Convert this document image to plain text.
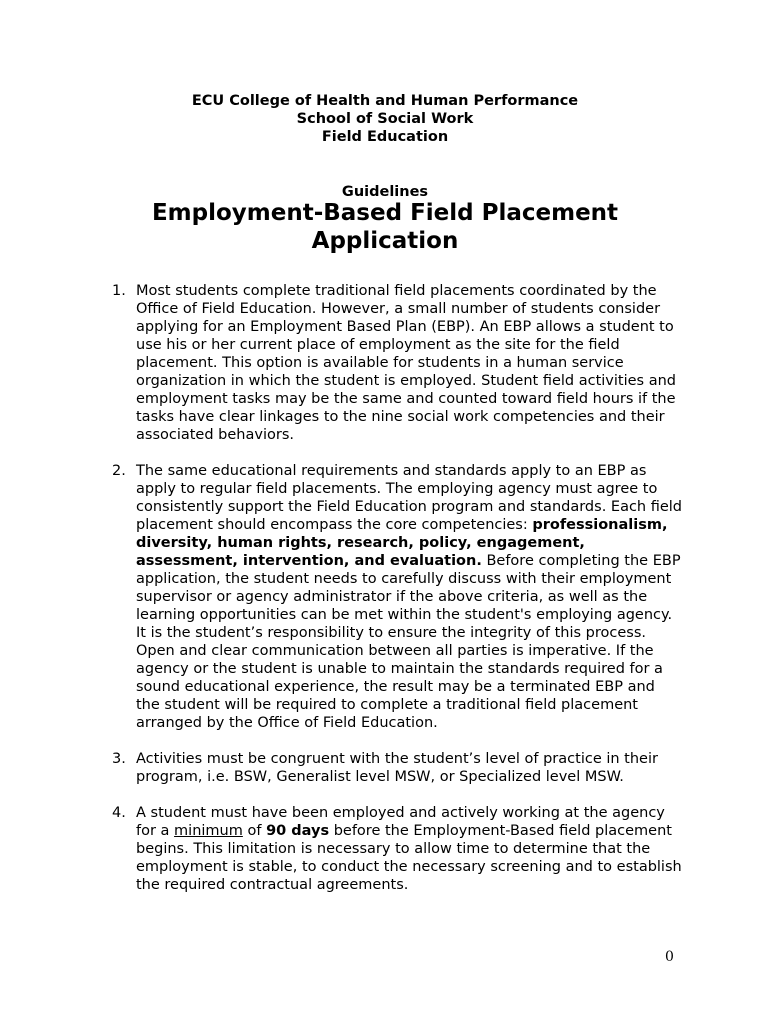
ECU College of Health and Human Performance
School of Social Work
Field Education
Guidelines
Employment-Based Field Placement
Application
1. Most students complete traditional field placements coordinated by the Office of Field Education. However, a small number of students consider applying for an Employment Based Plan (EBP). An EBP allows a student to use his or her current place of employment as the site for the field placement. This option is available for students in a human service organization in which the student is employed. Student field activities and employment tasks may be the same and counted toward field hours if the tasks have clear linkages to the nine social work competencies and their associated behaviors.
2. The same educational requirements and standards apply to an EBP as apply to regular field placements. The employing agency must agree to consistently support the Field Education program and standards. Each field placement should encompass the core competencies: professionalism, diversity, human rights, research, policy, engagement, assessment, intervention, and evaluation. Before completing the EBP application, the student needs to carefully discuss with their employment supervisor or agency administrator if the above criteria, as well as the learning opportunities can be met within the student's employing agency. It is the student’s responsibility to ensure the integrity of this process. Open and clear communication between all parties is imperative. If the agency or the student is unable to maintain the standards required for a sound educational experience, the result may be a terminated EBP and the student will be required to complete a traditional field placement arranged by the Office of Field Education.
3. Activities must be congruent with the student’s level of practice in their program, i.e. BSW, Generalist level MSW, or Specialized level MSW.
4. A student must have been employed and actively working at the agency for a minimum of 90 days before the Employment-Based field placement begins. This limitation is necessary to allow time to determine that the employment is stable, to conduct the necessary screening and to establish the required contractual agreements.
0
